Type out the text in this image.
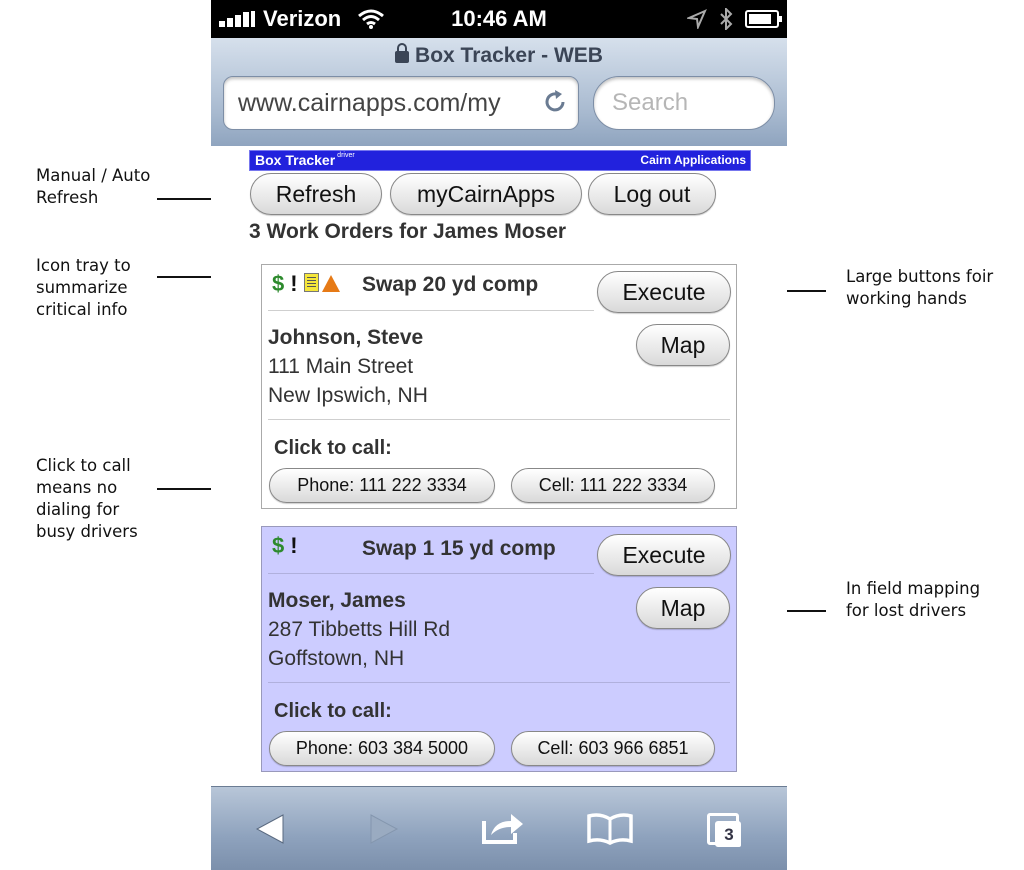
Manual / Auto
Refresh
Icon tray to
summarize
critical info
Click to call
means no
dialing for
busy drivers
Large buttons foir
working hands
In field mapping
for lost drivers
Verizon	10:46 AM
Box Tracker - WEB
www.cairnapps.com/my	Search
Box Tracker $^{driver}$	Cairn Applications
Refresh	myCairnApps	Log out
3 Work Orders for James Moser
$ !	Swap 20 yd comp	Execute
Map
Johnson, Steve
111 Main Street
New Ipswich, NH
Click to call:
Phone: 111 222 3334	Cell: 111 222 3334
$ !	Swap 1 15 yd comp	Execute
Map
Moser, James
287 Tibbetts Hill Rd
Goffstown, NH
Click to call:
Phone: 603 384 5000	Cell: 603 966 6851
3
